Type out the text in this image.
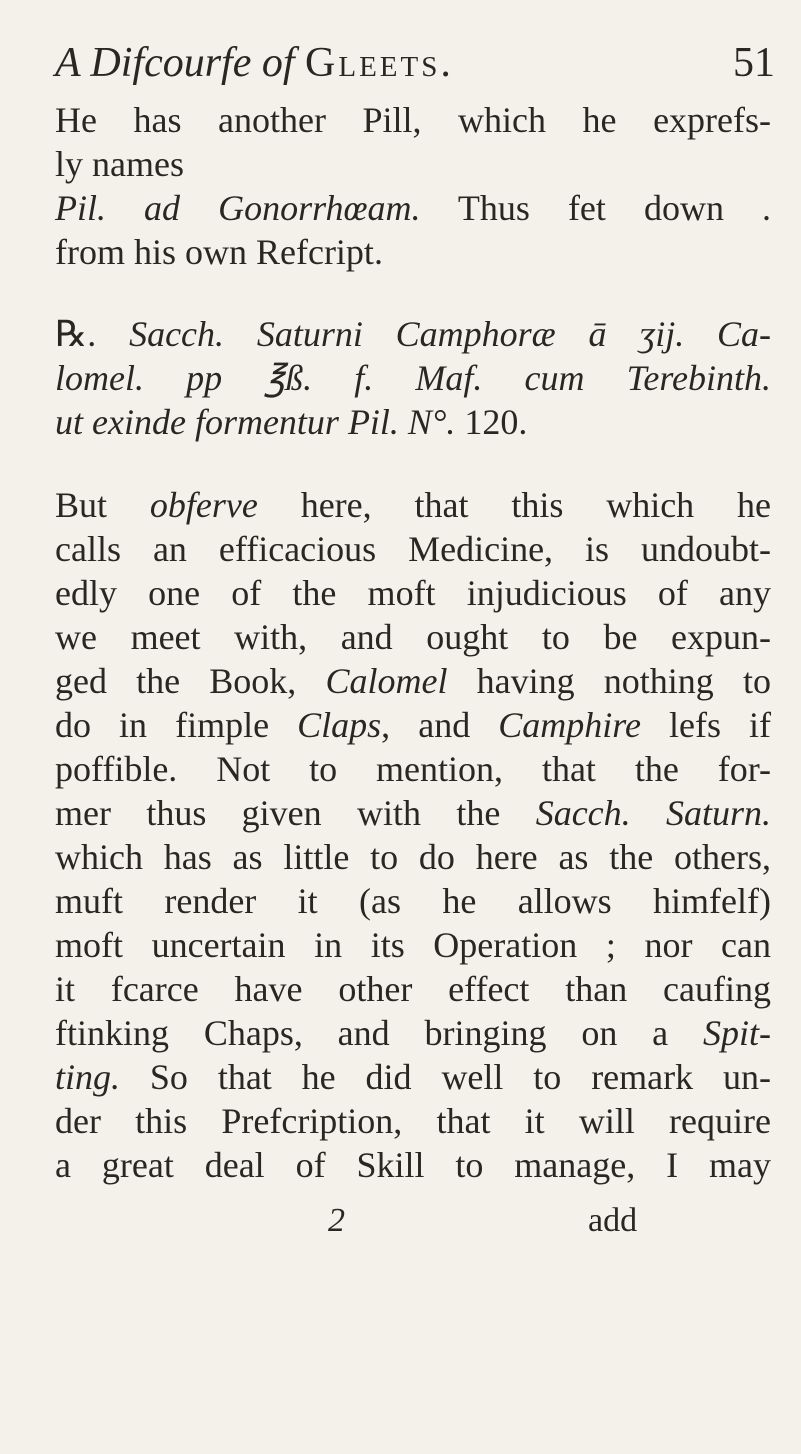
A Difcourfe of Gleets.	51
He has another Pill, which he exprefs-
ly names
Pil. ad Gonorrhœam. Thus fet down .
from his own Refcript.
℞. Sacch. Saturni Camphoræ ā ʒij. Ca-
lomel. pp ℥ß. f. Maf. cum Terebinth.
ut exinde formentur Pil. N°. 120.
But obferve here, that this which he
calls an efficacious Medicine, is undoubt-
edly one of the moft injudicious of any
we meet with, and ought to be expun-
ged the Book, Calomel having nothing to
do in fimple Claps, and Camphire lefs if
poffible. Not to mention, that the for-
mer thus given with the Sacch. Saturn.
which has as little to do here as the others,
muft render it (as he allows himfelf)
moft uncertain in its Operation ; nor can
it fcarce have other effect than caufing
ftinking Chaps, and bringing on a Spit-
ting. So that he did well to remark un-
der this Prefcription, that it will require
a great deal of Skill to manage, I may
2	add
